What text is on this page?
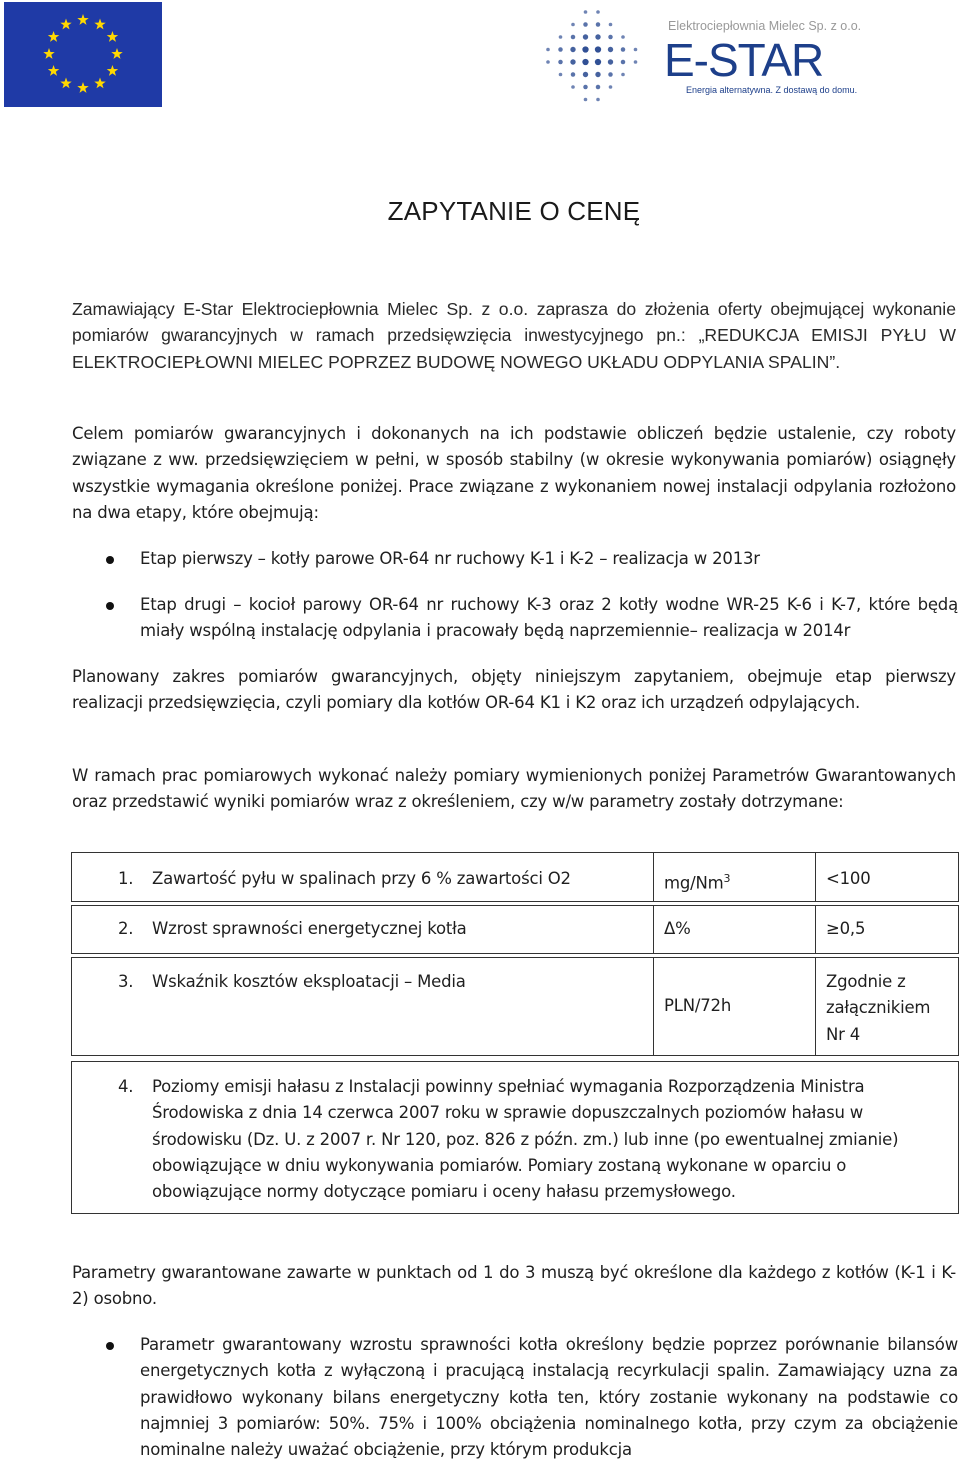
Elektrociepłownia Mielec Sp. z o.o.
E-STAR
Energia alternatywna. Z dostawą do domu.
ZAPYTANIE O CENĘ

Zamawiający E-Star Elektrociepłownia Mielec Sp. z o.o. zaprasza do złożenia oferty obejmującej wykonanie pomiarów gwarancyjnych w ramach przedsięwzięcia inwestycyjnego pn.: „REDUKCJA EMISJI PYŁU W ELEKTROCIEPŁOWNI MIELEC POPRZEZ BUDOWĘ NOWEGO UKŁADU ODPYLANIA SPALIN”.

Celem pomiarów gwarancyjnych i dokonanych na ich podstawie obliczeń będzie ustalenie, czy roboty związane z ww. przedsięwzięciem w pełni, w sposób stabilny (w okresie wykonywania pomiarów) osiągnęły wszystkie wymagania określone poniżej. Prace związane z wykonaniem nowej instalacji odpylania rozłożono na dwa etapy, które obejmują:

Etap pierwszy – kotły parowe OR-64 nr ruchowy K-1 i K-2 – realizacja w 2013r

Etap drugi – kocioł parowy OR-64 nr ruchowy K-3 oraz 2 kotły wodne WR-25 K-6 i K-7, które będą miały wspólną instalację odpylania i pracowały będą naprzemiennie– realizacja w 2014r

Planowany zakres pomiarów gwarancyjnych, objęty niniejszym zapytaniem, obejmuje etap pierwszy realizacji przedsięwzięcia, czyli pomiary dla kotłów OR-64 K1 i K2 oraz ich urządzeń odpylających.

W ramach prac pomiarowych wykonać należy pomiary wymienionych poniżej Parametrów Gwarantowanych oraz przedstawić wyniki pomiarów wraz z określeniem, czy w/w parametry zostały dotrzymane:

1. Zawartość pyłu w spalinach przy 6 % zawartości O2	$mg/Nm^3$	<100

2. Wzrost sprawności energetycznej kotła	Δ%	≥0,5

3. Wskaźnik kosztów eksploatacji – Media	PLN/72h	Zgodnie z załącznikiem Nr 4

4. Poziomy emisji hałasu z Instalacji powinny spełniać wymagania Rozporządzenia Ministra Środowiska z dnia 14 czerwca 2007 roku w sprawie dopuszczalnych poziomów hałasu w środowisku (Dz. U. z 2007 r. Nr 120, poz. 826 z późn. zm.) lub inne (po ewentualnej zmianie) obowiązujące w dniu wykonywania pomiarów. Pomiary zostaną wykonane w oparciu o obowiązujące normy dotyczące pomiaru i oceny hałasu przemysłowego.		

Parametry gwarantowane zawarte w punktach od 1 do 3 muszą być określone dla każdego z kotłów (K-1 i K-2) osobno.

Parametr gwarantowany wzrostu sprawności kotła określony będzie poprzez porównanie bilansów energetycznych kotła z wyłączoną i pracującą instalacją recyrkulacji spalin. Zamawiający uzna za prawidłowo wykonany bilans energetyczny kotła ten, który zostanie wykonany na podstawie co najmniej 3 pomiarów: 50%. 75% i 100% obciążenia nominalnego kotła, przy czym za obciążenie nominalne należy uważać obciążenie, przy którym produkcja
